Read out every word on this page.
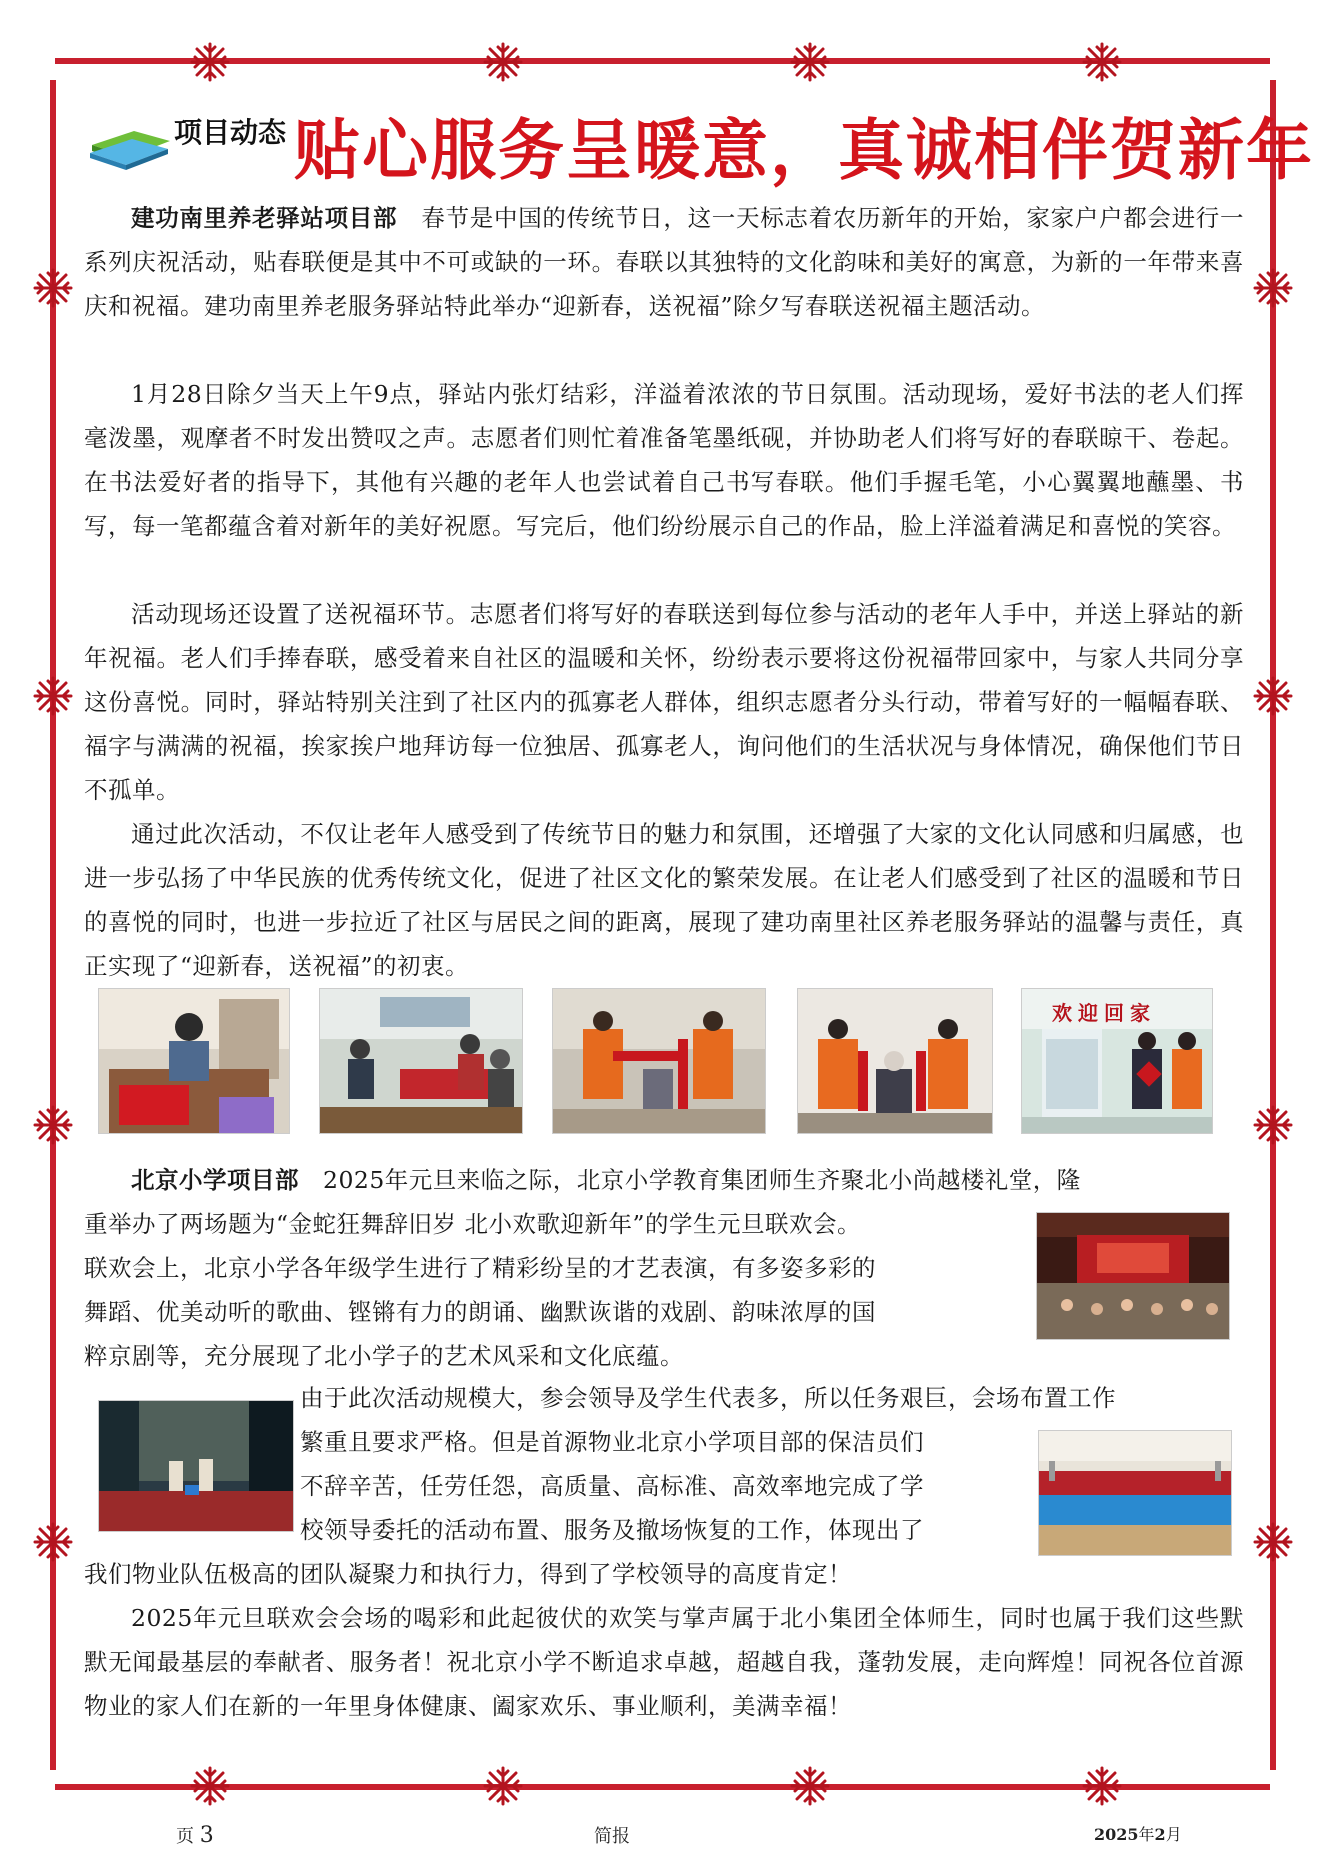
项目动态 贴心服务呈暖意，真诚相伴贺新年

建功南里养老驿站项目部　 春节是中国的传统节日，这一天标志着农历新年的开始，家家户户都会进行一系列庆祝活动，贴春联便是其中不可或缺的一环。春联以其独特的文化韵味和美好的寓意，为新的一年带来喜庆和祝福。建功南里养老服务驿站特此举办“迎新春，送祝福”除夕写春联送祝福主题活动。

1月28日除夕当天上午9点，驿站内张灯结彩，洋溢着浓浓的节日氛围。活动现场，爱好书法的老人们挥毫泼墨，观摩者不时发出赞叹之声。志愿者们则忙着准备笔墨纸砚，并协助老人们将写好的春联晾干、卷起。在书法爱好者的指导下，其他有兴趣的老年人也尝试着自己书写春联。他们手握毛笔，小心翼翼地蘸墨、书写，每一笔都蕴含着对新年的美好祝愿。写完后，他们纷纷展示自己的作品，脸上洋溢着满足和喜悦的笑容。

活动现场还设置了送祝福环节。志愿者们将写好的春联送到每位参与活动的老年人手中，并送上驿站的新年祝福。老人们手捧春联，感受着来自社区的温暖和关怀，纷纷表示要将这份祝福带回家中，与家人共同分享这份喜悦。同时，驿站特别关注到了社区内的孤寡老人群体，组织志愿者分头行动，带着写好的一幅幅春联、福字与满满的祝福，挨家挨户地拜访每一位独居、孤寡老人，询问他们的生活状况与身体情况，确保他们节日不孤单。

通过此次活动，不仅让老年人感受到了传统节日的魅力和氛围，还增强了大家的文化认同感和归属感，也进一步弘扬了中华民族的优秀传统文化，促进了社区文化的繁荣发展。在让老人们感受到了社区的温暖和节日的喜悦的同时，也进一步拉近了社区与居民之间的距离，展现了建功南里社区养老服务驿站的温馨与责任，真正实现了“迎新春，送祝福”的初衷。

欢迎回家

北京小学项目部　 2025年元旦来临之际，北京小学教育集团师生齐聚北小尚越楼礼堂，隆

重举办了两场题为“金蛇狂舞辞旧岁 北小欢歌迎新年”的学生元旦联欢会。

联欢会上，北京小学各年级学生进行了精彩纷呈的才艺表演，有多姿多彩的

舞蹈、优美动听的歌曲、铿锵有力的朗诵、幽默诙谐的戏剧、韵味浓厚的国

粹京剧等，充分展现了北小学子的艺术风采和文化底蕴。

由于此次活动规模大，参会领导及学生代表多，所以任务艰巨，会场布置工作

繁重且要求严格。但是首源物业北京小学项目部的保洁员们

不辞辛苦，任劳任怨，高质量、高标准、高效率地完成了学

校领导委托的活动布置、服务及撤场恢复的工作，体现出了

我们物业队伍极高的团队凝聚力和执行力，得到了学校领导的高度肯定！

2025年元旦联欢会会场的喝彩和此起彼伏的欢笑与掌声属于北小集团全体师生，同时也属于我们这些默默无闻最基层的奉献者、服务者！祝北京小学不断追求卓越，超越自我，蓬勃发展，走向辉煌！同祝各位首源物业的家人们在新的一年里身体健康、阖家欢乐、事业顺利，美满幸福！

页 3	简报	2025年2月
